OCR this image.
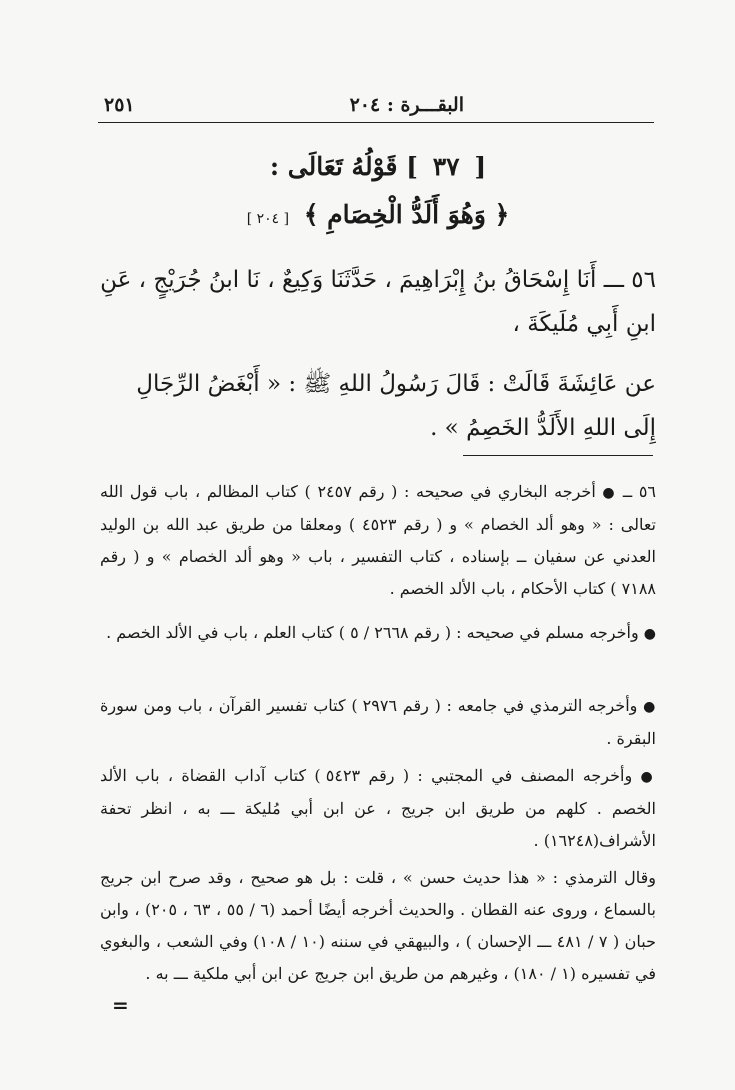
البقـــرة : ٢٠٤
٢٥١
[ ٣٧ ] قَوْلُهُ تَعَالَى :
﴿ وَهُوَ أَلَدُّ الْخِصَامِ ﴾ [ ٢٠٤ ]
٥٦ ـــ أَنَا إِسْحَاقُ بنُ إِبْرَاهِيمَ ، حَدَّثَنَا وَكِيعٌ ، نَا ابنُ جُرَيْجٍ ، عَنِ ابنِ أَبِي مُلَيكَةَ ،
عن عَائِشَةَ قَالَتْ : قَالَ رَسُولُ اللهِ ﷺ : « أَبْغَضُ الرِّجَالِ إِلَى اللهِ الأَلَدُّ الخَصِمُ » .
٥٦ ــ ● أخرجه البخاري في صحيحه : ( رقم ٢٤٥٧ ) كتاب المظالم ، باب قول الله تعالى : « وهو ألد الخصام » و ( رقم ٤٥٢٣ ) ومعلقا من طريق عبد الله بن الوليد العدني عن سفيان ــ بإسناده ، كتاب التفسير ، باب « وهو ألد الخصام » و ( رقم ٧١٨٨ ) كتاب الأحكام ، باب الألد الخصم .
● وأخرجه مسلم في صحيحه : ( رقم ٢٦٦٨ / ٥ ) كتاب العلم ، باب في الألد الخصم .
● وأخرجه الترمذي في جامعه : ( رقم ٢٩٧٦ ) كتاب تفسير القرآن ، باب ومن سورة البقرة .
● وأخرجه المصنف في المجتبي : ( رقم ٥٤٢٣ ) كتاب آداب القضاة ، باب الألد الخصم . كلهم من طريق ابن جريج ، عن ابن أبي مُليكة ـــ به ، انظر تحفة الأشراف(١٦٢٤٨) .
وقال الترمذي : « هذا حديث حسن » ، قلت : بل هو صحيح ، وقد صرح ابن جريج بالسماع ، وروى عنه القطان . والحديث أخرجه أيضًا أحمد (٦ / ٥٥ ، ٦٣ ، ٢٠٥) ، وابن حبان ( ٧ / ٤٨١ ـــ الإحسان ) ، والبيهقي في سننه (١٠ / ١٠٨) وفي الشعب ، والبغوي في تفسيره (١ / ١٨٠) ، وغيرهم من طريق ابن جريج عن ابن أبي ملكية ـــ به .
=
